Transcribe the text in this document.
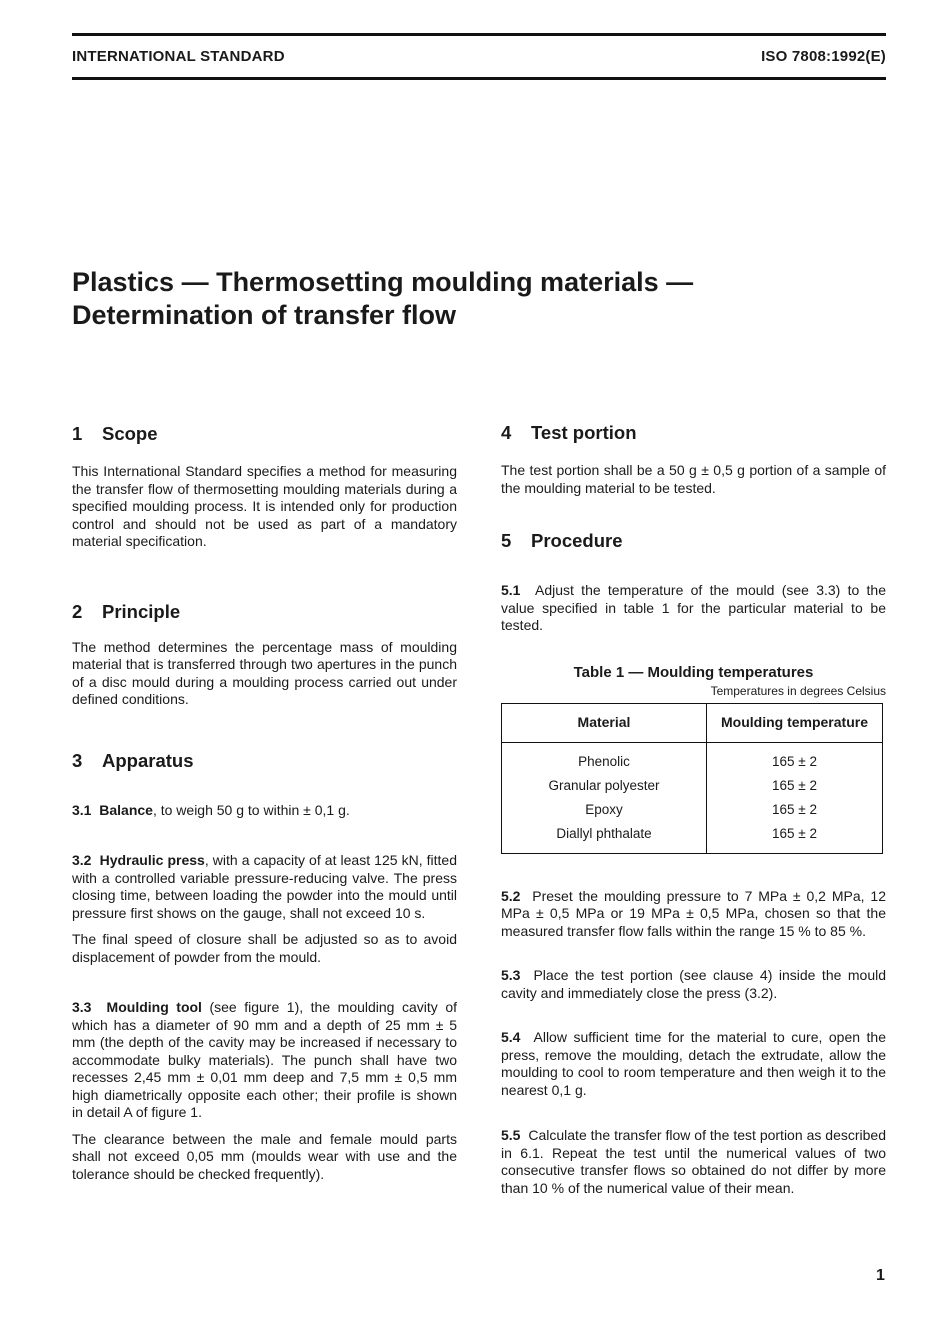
INTERNATIONAL STANDARD	ISO 7808:1992(E)
Plastics — Thermosetting moulding materials —
Determination of transfer flow
1 Scope

This International Standard specifies a method for measuring the transfer flow of thermosetting moulding materials during a specified moulding process. It is intended only for production control and should not be used as part of a mandatory material specification.

2 Principle

The method determines the percentage mass of moulding material that is transferred through two apertures in the punch of a disc mould during a moulding process carried out under defined conditions.

3 Apparatus

3.1 Balance, to weigh 50 g to within ± 0,1 g.

3.2 Hydraulic press, with a capacity of at least 125 kN, fitted with a controlled variable pressure-reducing valve. The press closing time, between loading the powder into the mould until pressure first shows on the gauge, shall not exceed 10 s.

The final speed of closure shall be adjusted so as to avoid displacement of powder from the mould.

3.3 Moulding tool (see figure 1), the moulding cavity of which has a diameter of 90 mm and a depth of 25 mm ± 5 mm (the depth of the cavity may be increased if necessary to accommodate bulky materials). The punch shall have two recesses 2,45 mm ± 0,01 mm deep and 7,5 mm ± 0,5 mm high diametrically opposite each other; their profile is shown in detail A of figure 1.

The clearance between the male and female mould parts shall not exceed 0,05 mm (moulds wear with use and the tolerance should be checked frequently).

4 Test portion

The test portion shall be a 50 g ± 0,5 g portion of a sample of the moulding material to be tested.

5 Procedure

5.1 Adjust the temperature of the mould (see 3.3) to the value specified in table 1 for the particular material to be tested.

Table 1 — Moulding temperatures
Temperatures in degrees Celsius
Material	Moulding temperature
Phenolic	165 ± 2
Granular polyester	165 ± 2
Epoxy	165 ± 2
Diallyl phthalate	165 ± 2

5.2 Preset the moulding pressure to 7 MPa ± 0,2 MPa, 12 MPa ± 0,5 MPa or 19 MPa ± 0,5 MPa, chosen so that the measured transfer flow falls within the range 15 % to 85 %.

5.3 Place the test portion (see clause 4) inside the mould cavity and immediately close the press (3.2).

5.4 Allow sufficient time for the material to cure, open the press, remove the moulding, detach the extrudate, allow the moulding to cool to room temperature and then weigh it to the nearest 0,1 g.

5.5 Calculate the transfer flow of the test portion as described in 6.1. Repeat the test until the numerical values of two consecutive transfer flows so obtained do not differ by more than 10 % of the numerical value of their mean.

1
